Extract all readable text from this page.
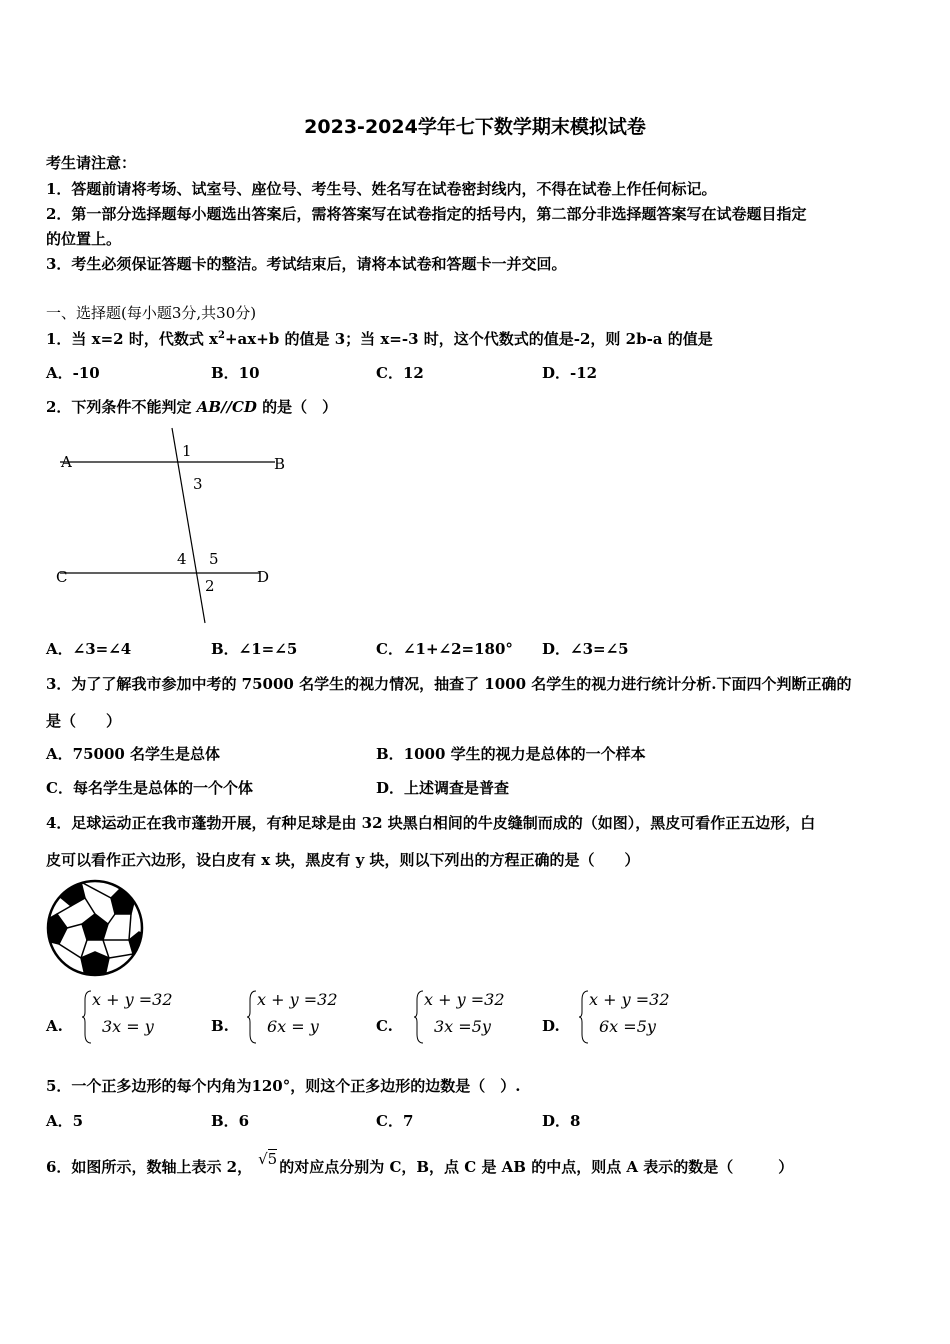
2023-2024学年七下数学期末模拟试卷
考生请注意：
1．答题前请将考场、试室号、座位号、考生号、姓名写在试卷密封线内，不得在试卷上作任何标记。
2．第一部分选择题每小题选出答案后，需将答案写在试卷指定的括号内，第二部分非选择题答案写在试卷题目指定
的位置上。
3．考生必须保证答题卡的整洁。考试结束后，请将本试卷和答题卡一并交回。
一、选择题(每小题3分,共30分)
1．当 x=2 时，代数式 $x^2+ax+b$ 的值是 3；当 x=-3 时，这个代数式的值是-2，则 2b-a 的值是
A．-10	B．10	C．12	D．-12
2．下列条件不能判定 AB//CD 的是（　）
A	B
C	D
1
3
4 5
2
A．∠3=∠4	B．∠1=∠5	C．∠1+∠2=180° D．∠3=∠5
3．为了了解我市参加中考的 75000 名学生的视力情况，抽查了 1000 名学生的视力进行统计分析.下面四个判断正确的
是（　　）
A．75000 名学生是总体	B．1000 学生的视力是总体的一个样本
C．每名学生是总体的一个个体	D．上述调查是普查
4．足球运动正在我市蓬勃开展，有种足球是由 32 块黑白相间的牛皮缝制而成的（如图），黑皮可看作正五边形，白
皮可以看作正六边形，设白皮有 x 块，黑皮有 y 块，则以下列出的方程正确的是（　　）
A.
x + y =32
3x = y	B.
x + y =32
6x = y	C.
x + y =32
3x =5y	D.
x + y =32
6x =5y
5．一个正多边形的每个内角为120°，则这个正多边形的边数是（　）.
A．5	B．6	C．7	D．8
6．如图所示，数轴上表示 2， √5 的对应点分别为 C，B，点 C 是 AB 的中点，则点 A 表示的数是（　　　）
